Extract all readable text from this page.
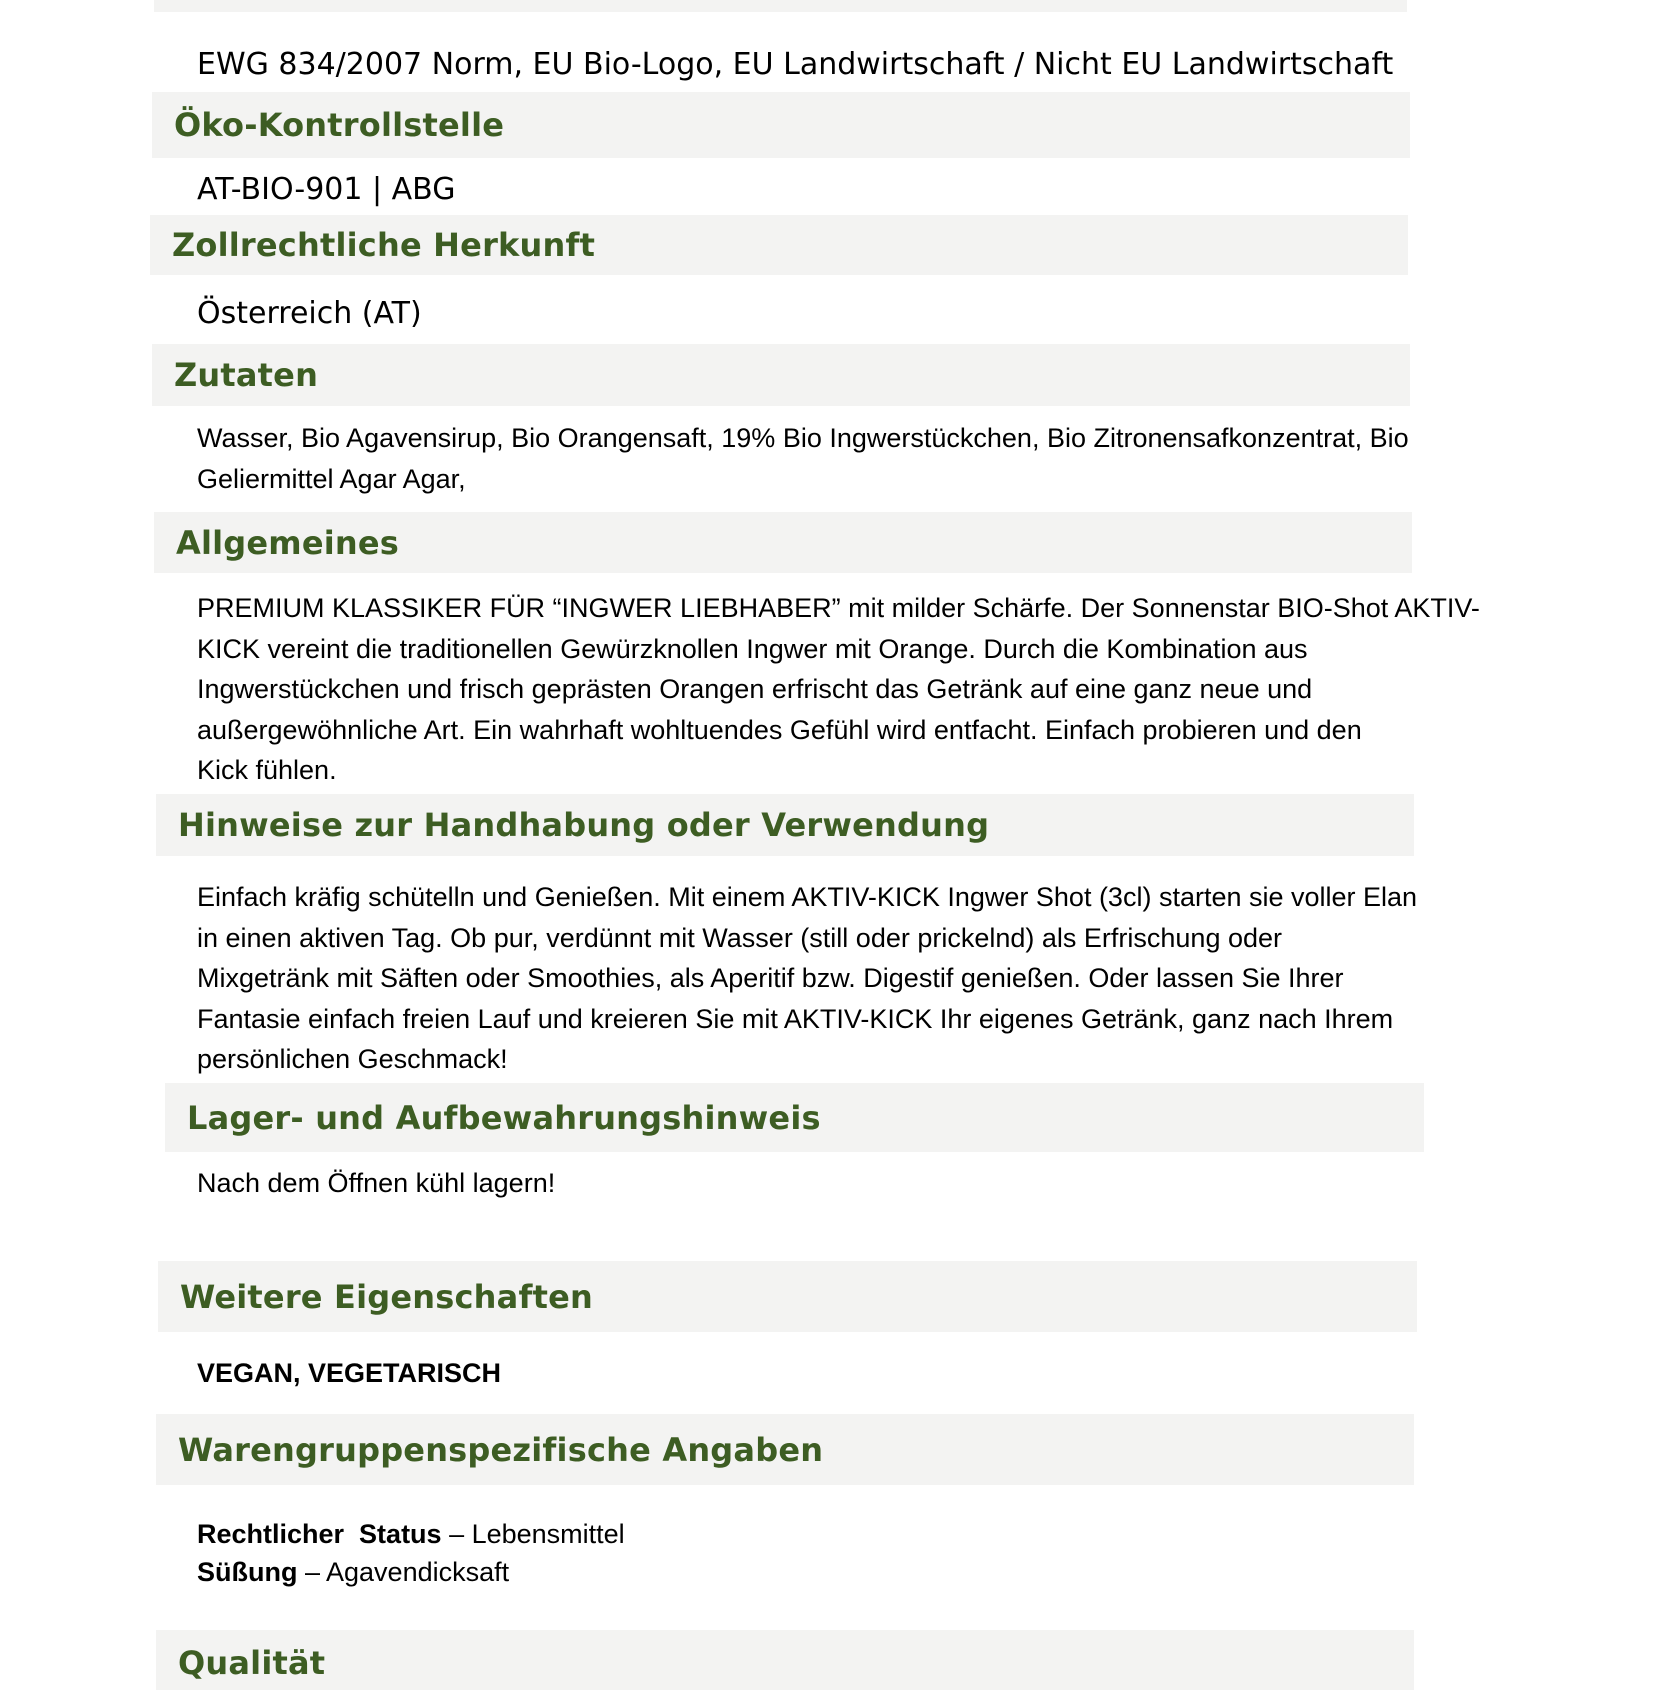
EWG 834/2007 Norm, EU Bio-Logo, EU Landwirtschaft / Nicht EU Landwirtschaft
Öko-Kontrollstelle
AT-BIO-901 | ABG
Zollrechtliche Herkunft
Österreich (AT)
Zutaten
Wasser, Bio Agavensirup, Bio Orangensaft, 19% Bio Ingwerstückchen, Bio Zitronensafkonzentrat, Bio
Geliermittel Agar Agar,
Allgemeines
PREMIUM KLASSIKER FÜR “INGWER LIEBHABER” mit milder Schärfe. Der Sonnenstar BIO-Shot AKTIV-
KICK vereint die traditionellen Gewürzknollen Ingwer mit Orange. Durch die Kombination aus
Ingwerstückchen und frisch geprästen Orangen erfrischt das Getränk auf eine ganz neue und
außergewöhnliche Art. Ein wahrhaft wohltuendes Gefühl wird entfacht. Einfach probieren und den
Kick fühlen.
Hinweise zur Handhabung oder Verwendung
Einfach kräfig schütelln und Genießen. Mit einem AKTIV-KICK Ingwer Shot (3cl) starten sie voller Elan
in einen aktiven Tag. Ob pur, verdünnt mit Wasser (still oder prickelnd) als Erfrischung oder
Mixgetränk mit Säften oder Smoothies, als Aperitif bzw. Digestif genießen. Oder lassen Sie Ihrer
Fantasie einfach freien Lauf und kreieren Sie mit AKTIV-KICK Ihr eigenes Getränk, ganz nach Ihrem
persönlichen Geschmack!
Lager- und Aufbewahrungshinweis
Nach dem Öffnen kühl lagern!
Weitere Eigenschaften
VEGAN, VEGETARISCH
Warengruppenspezifische Angaben
Rechtlicher  Status – Lebensmittel
Süßung – Agavendicksaft
Qualität
